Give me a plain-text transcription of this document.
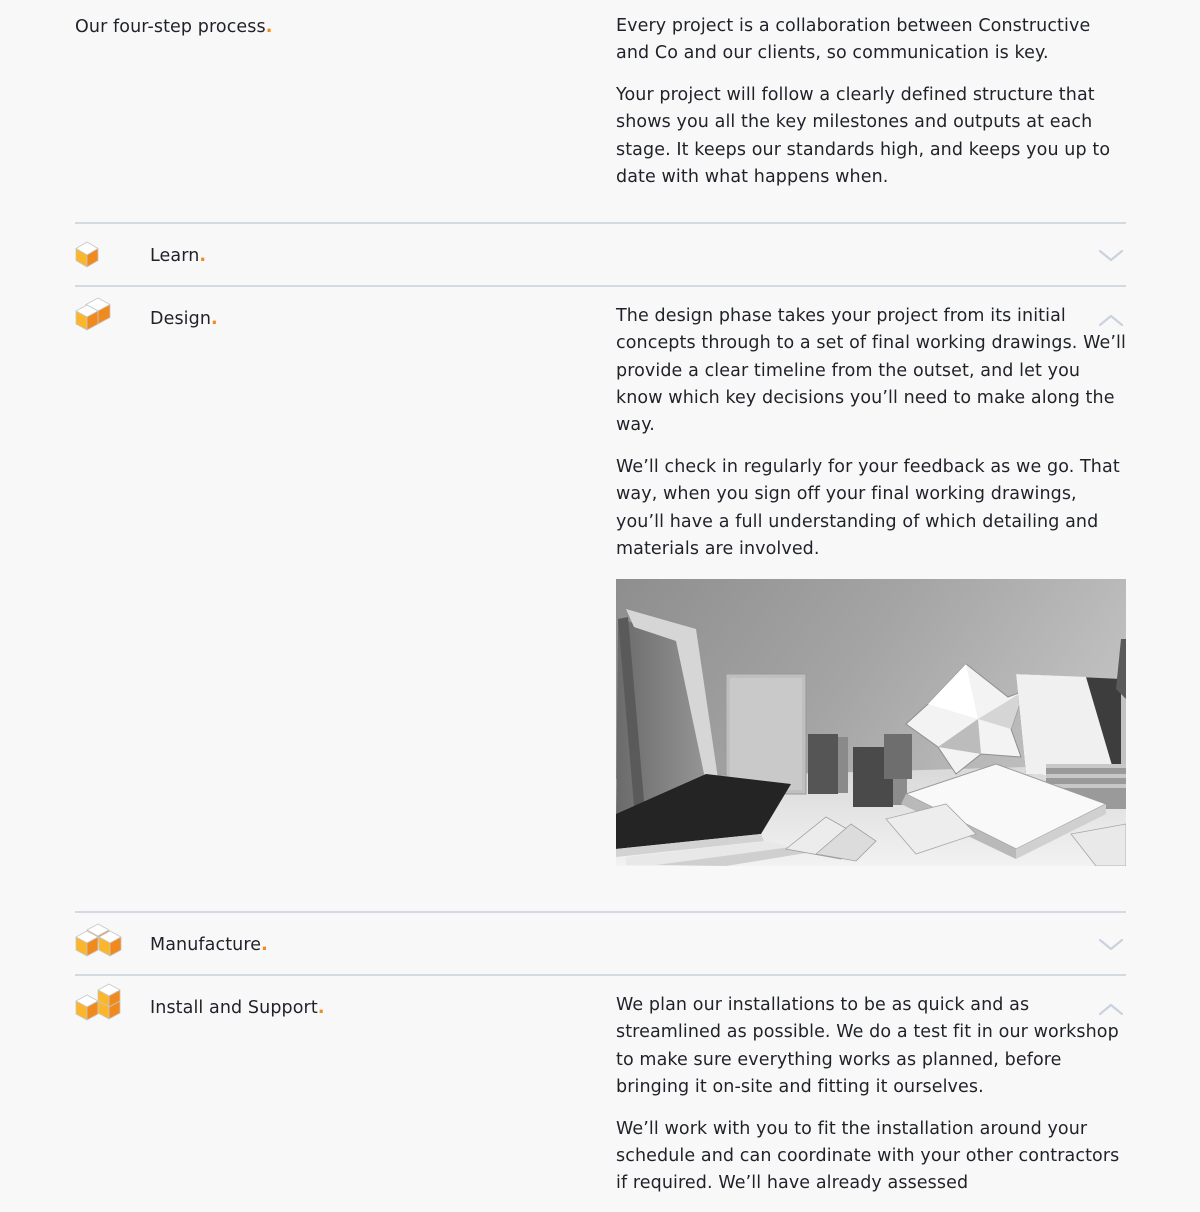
Our four-step process.	Every project is a collaboration between Constructive and Co and our clients, so communication is key.

Your project will follow a clearly defined structure that shows you all the key milestones and outputs at each stage. It keeps our standards high, and keeps you up to date with what happens when.

Learn.
Design.	The design phase takes your project from its initial concepts through to a set of final working drawings. We’ll provide a clear timeline from the outset, and let you know which key decisions you’ll need to make along the way.

We’ll check in regularly for your feedback as we go. That way, when you sign off your final working drawings, you’ll have a full understanding of which detailing and materials are involved.

Manufacture.
Install and Support.	We plan our installations to be as quick and as streamlined as possible. We do a test fit in our workshop to make sure everything works as planned, before bringing it on-site and fitting it ourselves.

We’ll work with you to fit the installation around your schedule and can coordinate with your other contractors if required. We’ll have already assessed
